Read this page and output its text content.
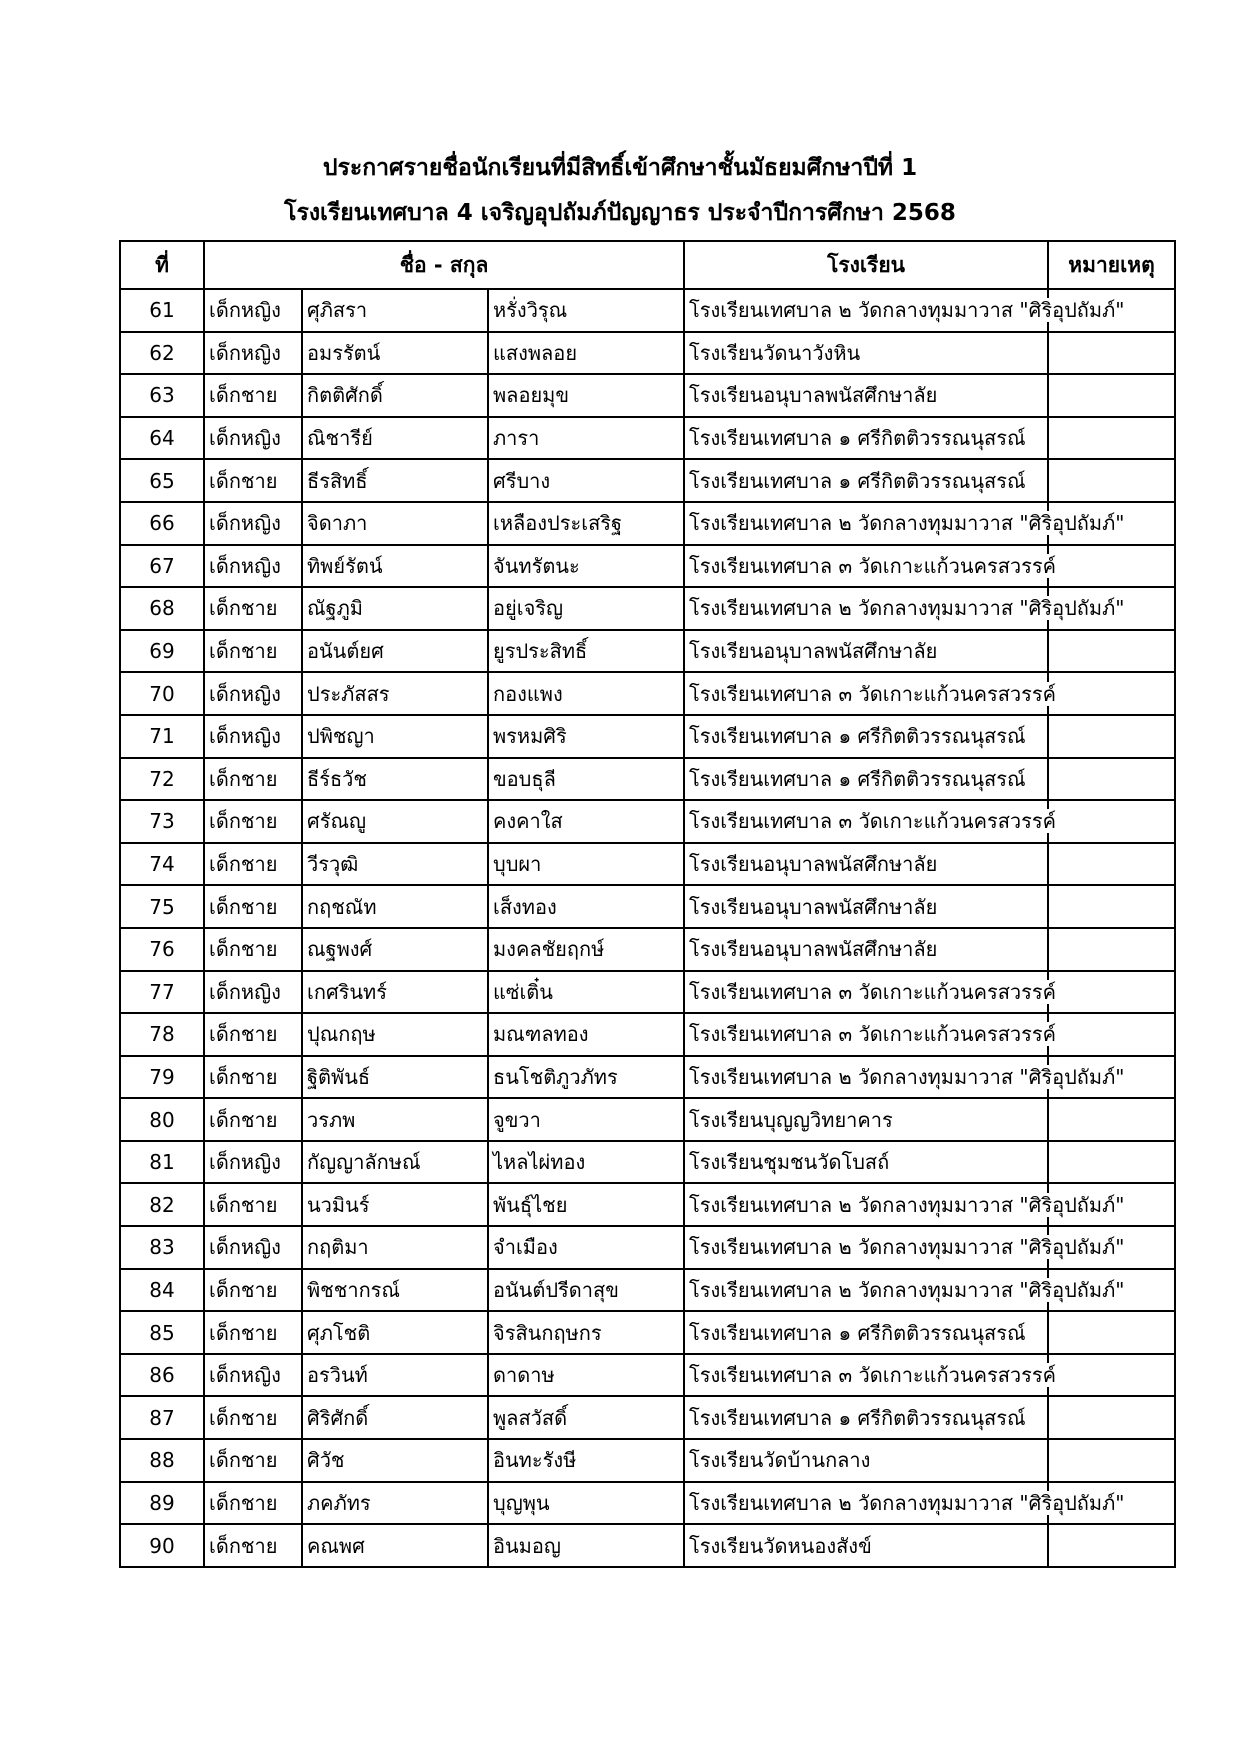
ประกาศรายชื่อนักเรียนที่มีสิทธิ์เข้าศึกษาชั้นมัธยมศึกษาปีที่ 1
โรงเรียนเทศบาล 4 เจริญอุปถัมภ์ปัญญาธร ประจำปีการศึกษา 2568
ที่	ชื่อ - สกุล			โรงเรียน	หมายเหตุ
61	เด็กหญิง	ศุภิสรา	หรั่งวิรุณ	โรงเรียนเทศบาล ๒ วัดกลางทุมมาวาส "ศิริอุปถัมภ์"	
62	เด็กหญิง	อมรรัตน์	แสงพลอย	โรงเรียนวัดนาวังหิน	
63	เด็กชาย	กิตติศักดิ์	พลอยมุข	โรงเรียนอนุบาลพนัสศึกษาลัย	
64	เด็กหญิง	ณิชารีย์	ภารา	โรงเรียนเทศบาล ๑ ศรีกิตติวรรณนุสรณ์	
65	เด็กชาย	ธีรสิทธิ์	ศรีบาง	โรงเรียนเทศบาล ๑ ศรีกิตติวรรณนุสรณ์	
66	เด็กหญิง	จิดาภา	เหลืองประเสริฐ	โรงเรียนเทศบาล ๒ วัดกลางทุมมาวาส "ศิริอุปถัมภ์"	
67	เด็กหญิง	ทิพย์รัตน์	จันทรัตนะ	โรงเรียนเทศบาล ๓ วัดเกาะแก้วนครสวรรค์	
68	เด็กชาย	ณัฐภูมิ	อยู่เจริญ	โรงเรียนเทศบาล ๒ วัดกลางทุมมาวาส "ศิริอุปถัมภ์"	
69	เด็กชาย	อนันต์ยศ	ยูรประสิทธิ์	โรงเรียนอนุบาลพนัสศึกษาลัย	
70	เด็กหญิง	ประภัสสร	กองแพง	โรงเรียนเทศบาล ๓ วัดเกาะแก้วนครสวรรค์	
71	เด็กหญิง	ปพิชญา	พรหมศิริ	โรงเรียนเทศบาล ๑ ศรีกิตติวรรณนุสรณ์	
72	เด็กชาย	ธีร์ธวัช	ขอบธุลี	โรงเรียนเทศบาล ๑ ศรีกิตติวรรณนุสรณ์	
73	เด็กชาย	ศรัณญู	คงคาใส	โรงเรียนเทศบาล ๓ วัดเกาะแก้วนครสวรรค์	
74	เด็กชาย	วีรวุฒิ	บุบผา	โรงเรียนอนุบาลพนัสศึกษาลัย	
75	เด็กชาย	กฤชณัท	เส็งทอง	โรงเรียนอนุบาลพนัสศึกษาลัย	
76	เด็กชาย	ณฐพงศ์	มงคลชัยฤกษ์	โรงเรียนอนุบาลพนัสศึกษาลัย	
77	เด็กหญิง	เกศรินทร์	แซ่เติ๋น	โรงเรียนเทศบาล ๓ วัดเกาะแก้วนครสวรรค์	
78	เด็กชาย	ปุณกฤษ	มณฑลทอง	โรงเรียนเทศบาล ๓ วัดเกาะแก้วนครสวรรค์	
79	เด็กชาย	ฐิติพันธ์	ธนโชติภูวภัทร	โรงเรียนเทศบาล ๒ วัดกลางทุมมาวาส "ศิริอุปถัมภ์"	
80	เด็กชาย	วรภพ	จูขวา	โรงเรียนบุญญวิทยาคาร	
81	เด็กหญิง	กัญญาลักษณ์	ไหลไผ่ทอง	โรงเรียนชุมชนวัดโบสถ์	
82	เด็กชาย	นวมินร์	พันธุ์ไชย	โรงเรียนเทศบาล ๒ วัดกลางทุมมาวาส "ศิริอุปถัมภ์"	
83	เด็กหญิง	กฤติมา	จำเมือง	โรงเรียนเทศบาล ๒ วัดกลางทุมมาวาส "ศิริอุปถัมภ์"	
84	เด็กชาย	พิชชากรณ์	อนันต์ปรีดาสุข	โรงเรียนเทศบาล ๒ วัดกลางทุมมาวาส "ศิริอุปถัมภ์"	
85	เด็กชาย	ศุภโชติ	จิรสินกฤษกร	โรงเรียนเทศบาล ๑ ศรีกิตติวรรณนุสรณ์	
86	เด็กหญิง	อรวินท์	ดาดาษ	โรงเรียนเทศบาล ๓ วัดเกาะแก้วนครสวรรค์	
87	เด็กชาย	ศิริศักดิ์	พูลสวัสดิ์	โรงเรียนเทศบาล ๑ ศรีกิตติวรรณนุสรณ์	
88	เด็กชาย	ศิวัช	อินทะรังษี	โรงเรียนวัดบ้านกลาง	
89	เด็กชาย	ภคภัทร	บุญพุน	โรงเรียนเทศบาล ๒ วัดกลางทุมมาวาส "ศิริอุปถัมภ์"	
90	เด็กชาย	คณพศ	อินมอญ	โรงเรียนวัดหนองสังข์	
